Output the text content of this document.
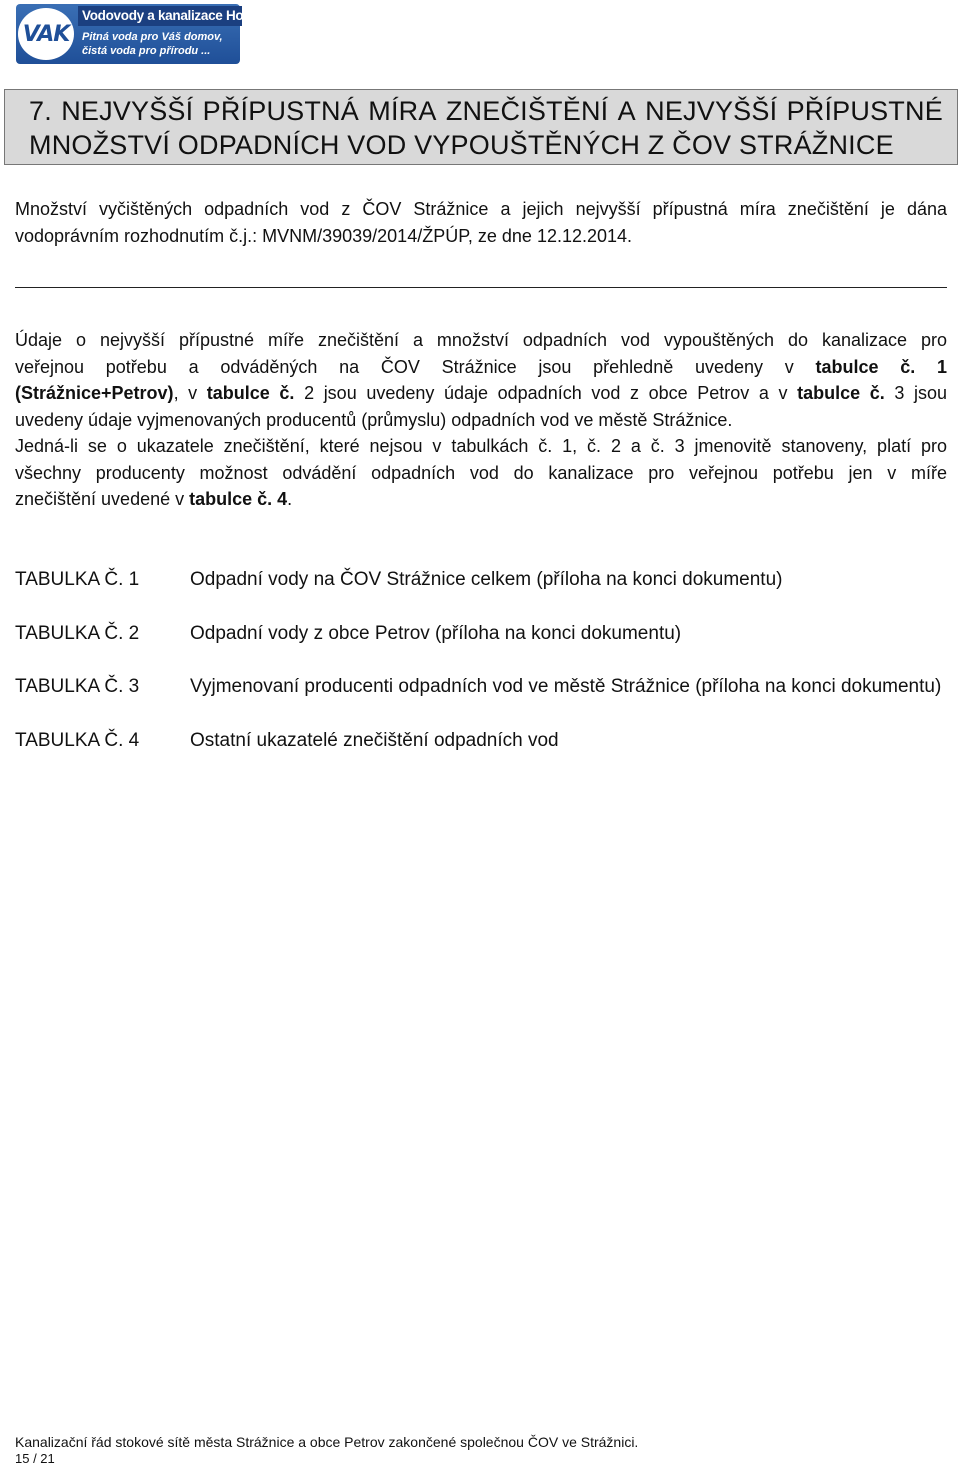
VAK
Vodovody a kanalizace Hodonín, a.s.
Pitná voda pro Váš domov,
čistá voda pro přírodu ...
7. NEJVYŠŠÍ PŘÍPUSTNÁ MÍRA ZNEČIŠTĚNÍ A NEJVYŠŠÍ PŘÍPUSTNÉ
MNOŽSTVÍ ODPADNÍCH VOD VYPOUŠTĚNÝCH Z ČOV STRÁŽNICE
Množství vyčištěných odpadních vod z ČOV Strážnice a jejich nejvyšší přípustná míra znečištění je dána
vodoprávním rozhodnutím č.j.: MVNM/39039/2014/ŽPÚP, ze dne 12.12.2014.
Údaje o nejvyšší přípustné míře znečištění a množství odpadních vod vypouštěných do kanalizace pro
veřejnou potřebu a odváděných na ČOV Strážnice jsou přehledně uvedeny v tabulce č. 1
(Strážnice+Petrov), v tabulce č. 2 jsou uvedeny údaje odpadních vod z obce Petrov a v tabulce č. 3 jsou
uvedeny údaje vyjmenovaných producentů (průmyslu) odpadních vod ve městě Strážnice.
Jedná-li se o ukazatele znečištění, které nejsou v tabulkách č. 1, č. 2 a č. 3 jmenovitě stanoveny, platí pro
všechny producenty možnost odvádění odpadních vod do kanalizace pro veřejnou potřebu jen v míře
znečištění uvedené v tabulce č. 4.
TABULKA Č. 1	Odpadní vody na ČOV Strážnice celkem (příloha na konci dokumentu)
TABULKA Č. 2	Odpadní vody z obce Petrov (příloha na konci dokumentu)
TABULKA Č. 3	Vyjmenovaní producenti odpadních vod ve městě Strážnice (příloha na konci dokumentu)
TABULKA Č. 4	Ostatní ukazatelé znečištění odpadních vod
Kanalizační řád stokové sítě města Strážnice a obce Petrov zakončené společnou ČOV ve Strážnici.
15 / 21
